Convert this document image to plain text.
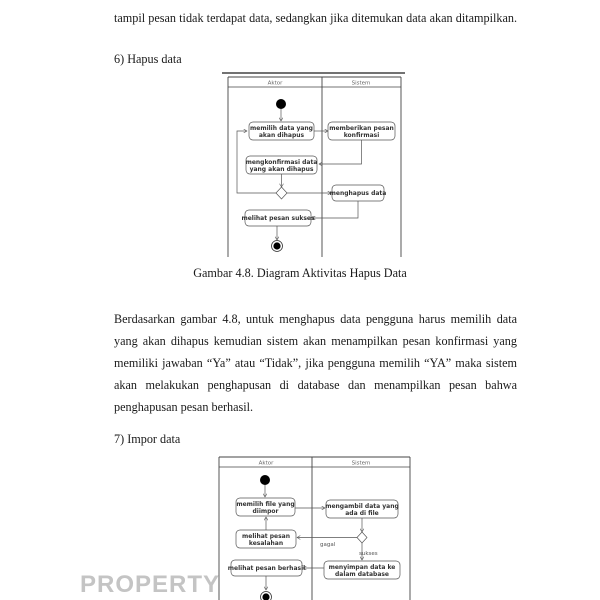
tampil pesan tidak terdapat data, sedangkan jika ditemukan data akan ditampilkan.
6) Hapus data
Aktor	Sistem
memilih data yang
akan dihapus
memberikan pesan
konfirmasi
mengkonfirmasi data
yang akan dihapus
menghapus data
melihat pesan sukses
Gambar 4.8. Diagram Aktivitas Hapus Data
Berdasarkan gambar 4.8, untuk menghapus data pengguna harus memilih data
yang akan dihapus kemudian sistem akan menampilkan pesan konfirmasi yang
memiliki jawaban “Ya” atau “Tidak”, jika pengguna memilih “YA” maka sistem
akan melakukan penghapusan di database dan menampilkan pesan bahwa
penghapusan pesan berhasil.
7) Impor data
Aktor	Sistem
memilih file yang
diimpor
mengambil data yang
ada di file
gagal
melihat pesan
kesalahan
sukses
menyimpan data ke
dalam database
melihat pesan berhasil
PROPERTY
